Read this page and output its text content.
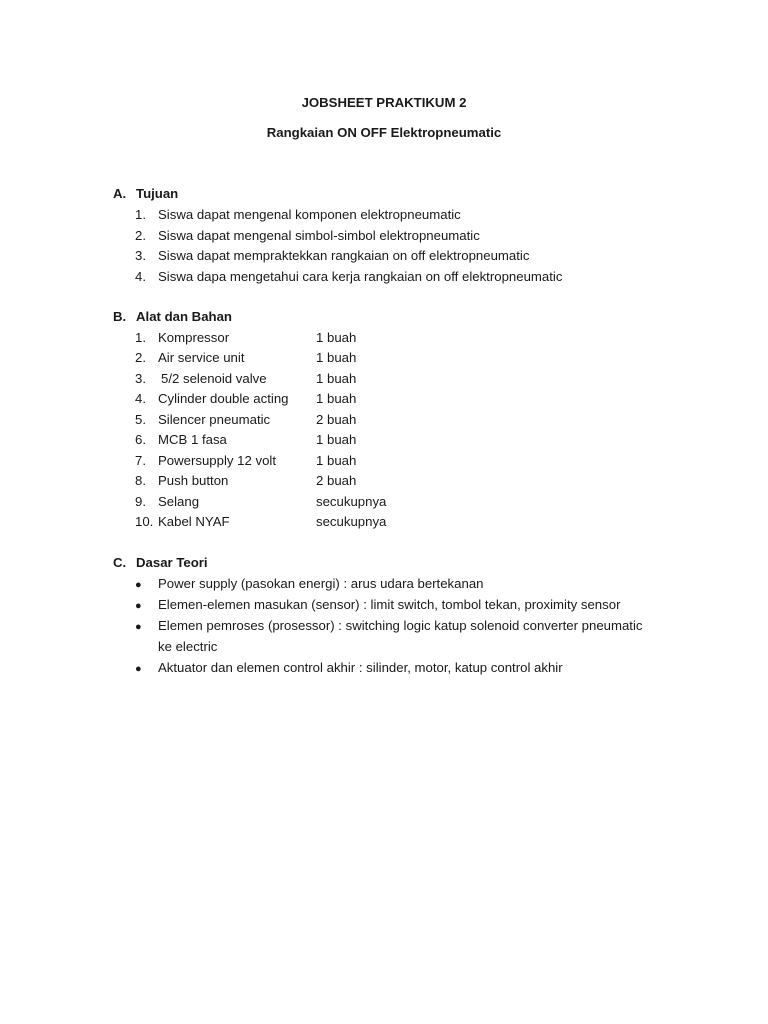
JOBSHEET PRAKTIKUM 2
Rangkaian ON OFF Elektropneumatic
A. Tujuan
1. Siswa dapat mengenal komponen elektropneumatic
2. Siswa dapat mengenal simbol-simbol elektropneumatic
3. Siswa dapat mempraktekkan rangkaian on off elektropneumatic
4. Siswa dapa mengetahui cara kerja rangkaian on off elektropneumatic
B. Alat dan Bahan
1. Kompressor	1 buah
2. Air service unit	1 buah
3. 5/2 selenoid valve	1 buah
4. Cylinder double acting 1 buah
5. Silencer pneumatic	2 buah
6. MCB 1 fasa	1 buah
7. Powersupply 12 volt	1 buah
8. Push button	2 buah
9. Selang	secukupnya
10. Kabel NYAF	secukupnya
C. Dasar Teori
● Power supply (pasokan energi) : arus udara bertekanan
● Elemen-elemen masukan (sensor) : limit switch, tombol tekan, proximity sensor
● Elemen pemroses (prosessor) : switching logic katup solenoid converter pneumatic
ke electric
● Aktuator dan elemen control akhir : silinder, motor, katup control akhir
